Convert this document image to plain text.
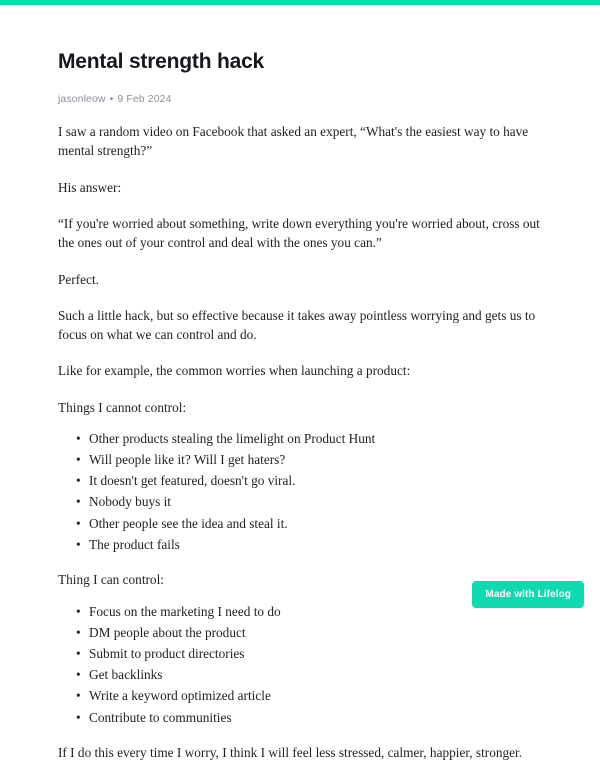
Mental strength hack
jasonleow • 9 Feb 2024

I saw a random video on Facebook that asked an expert, “What's the easiest way to have mental strength?”

His answer:

“If you're worried about something, write down everything you're worried about, cross out the ones out of your control and deal with the ones you can.”

Perfect.

Such a little hack, but so effective because it takes away pointless worrying and gets us to focus on what we can control and do.

Like for example, the common worries when launching a product:

Things I cannot control:

• Other products stealing the limelight on Product Hunt
• Will people like it? Will I get haters?
• It doesn't get featured, doesn't go viral.
• Nobody buys it
• Other people see the idea and steal it.
• The product fails

Thing I can control:

• Focus on the marketing I need to do
• DM people about the product
• Submit to product directories
• Get backlinks
• Write a keyword optimized article
• Contribute to communities

If I do this every time I worry, I think I will feel less stressed, calmer, happier, stronger.

Made with Lifelog
